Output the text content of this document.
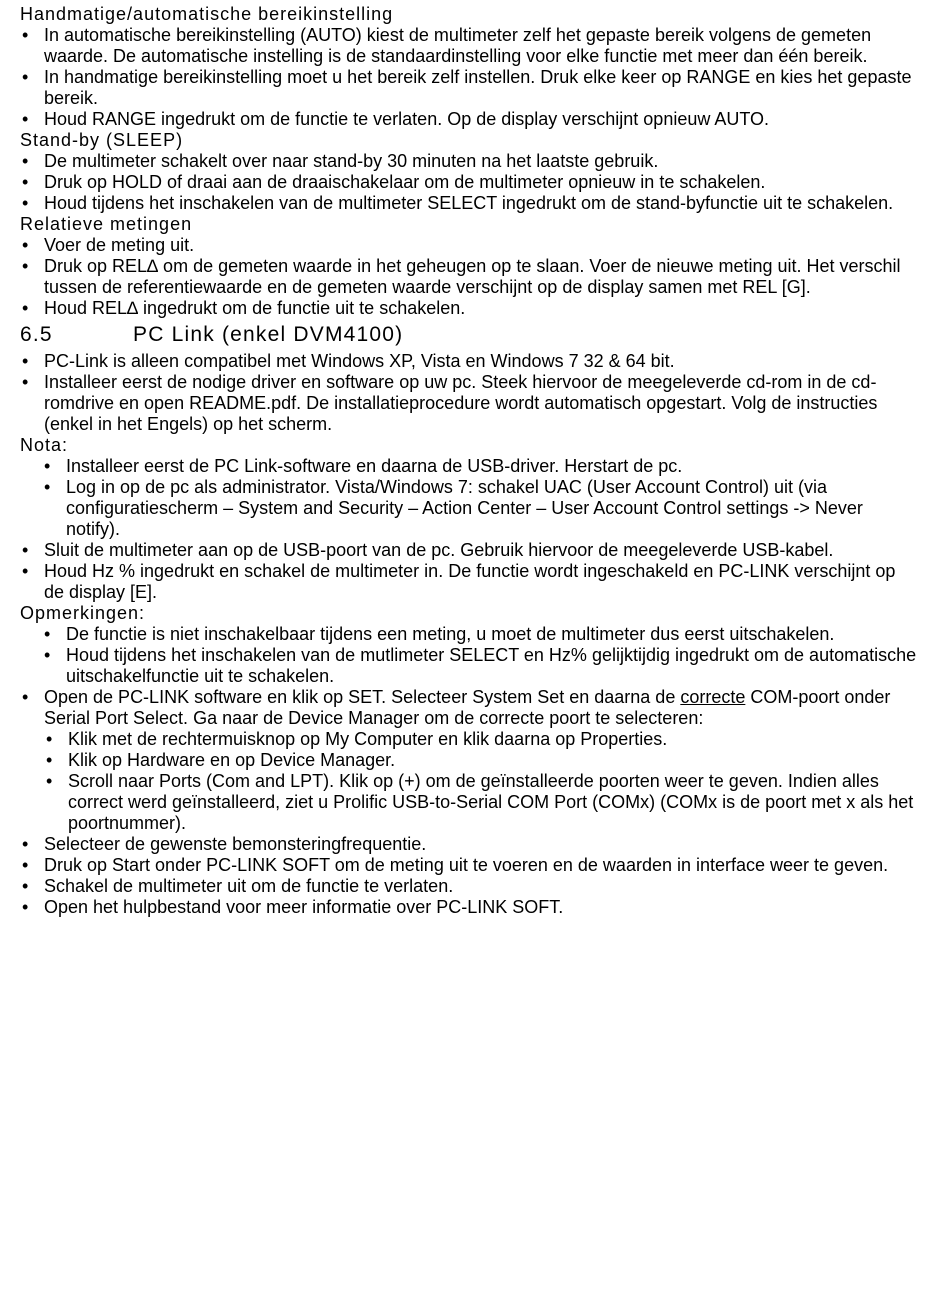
Handmatige/automatische bereikinstelling
• In automatische bereikinstelling (AUTO) kiest de multimeter zelf het gepaste bereik volgens de gemeten waarde. De automatische instelling is de standaardinstelling voor elke functie met meer dan één bereik.
• In handmatige bereikinstelling moet u het bereik zelf instellen. Druk elke keer op RANGE en kies het gepaste bereik.
• Houd RANGE ingedrukt om de functie te verlaten. Op de display verschijnt opnieuw AUTO.
Stand-by (SLEEP)
• De multimeter schakelt over naar stand-by 30 minuten na het laatste gebruik.
• Druk op HOLD of draai aan de draaischakelaar om de multimeter opnieuw in te schakelen.
• Houd tijdens het inschakelen van de multimeter SELECT ingedrukt om de stand-byfunctie uit te schakelen.
Relatieve metingen
• Voer de meting uit.
• Druk op REL∆ om de gemeten waarde in het geheugen op te slaan. Voer de nieuwe meting uit. Het verschil tussen de referentiewaarde en de gemeten waarde verschijnt op de display samen met REL [G].
• Houd REL∆ ingedrukt om de functie uit te schakelen.
6.5	PC Link (enkel DVM4100)
• PC-Link is alleen compatibel met Windows XP, Vista en Windows 7 32 & 64 bit.
• Installeer eerst de nodige driver en software op uw pc. Steek hiervoor de meegeleverde cd-rom in de cd-romdrive en open README.pdf. De installatieprocedure wordt automatisch opgestart. Volg de instructies (enkel in het Engels) op het scherm.
Nota:
• Installeer eerst de PC Link-software en daarna de USB-driver. Herstart de pc.
• Log in op de pc als administrator. Vista/Windows 7: schakel UAC (User Account Control) uit (via configuratiescherm – System and Security – Action Center – User Account Control settings -> Never notify).
• Sluit de multimeter aan op de USB-poort van de pc. Gebruik hiervoor de meegeleverde USB-kabel.
• Houd Hz % ingedrukt en schakel de multimeter in. De functie wordt ingeschakeld en PC-LINK verschijnt op de display [E].
Opmerkingen:
• De functie is niet inschakelbaar tijdens een meting, u moet de multimeter dus eerst uitschakelen.
• Houd tijdens het inschakelen van de mutlimeter SELECT en Hz% gelijktijdig ingedrukt om de automatische uitschakelfunctie uit te schakelen.
• Open de PC-LINK software en klik op SET. Selecteer System Set en daarna de correcte COM-poort onder Serial Port Select. Ga naar de Device Manager om de correcte poort te selecteren:
• Klik met de rechtermuisknop op My Computer en klik daarna op Properties.
• Klik op Hardware en op Device Manager.
• Scroll naar Ports (Com and LPT). Klik op (+) om de geïnstalleerde poorten weer te geven. Indien alles correct werd geïnstalleerd, ziet u Prolific USB-to-Serial COM Port (COMx) (COMx is de poort met x als het poortnummer).
• Selecteer de gewenste bemonsteringfrequentie.
• Druk op Start onder PC-LINK SOFT om de meting uit te voeren en de waarden in interface weer te geven.
• Schakel de multimeter uit om de functie te verlaten.
• Open het hulpbestand voor meer informatie over PC-LINK SOFT.
